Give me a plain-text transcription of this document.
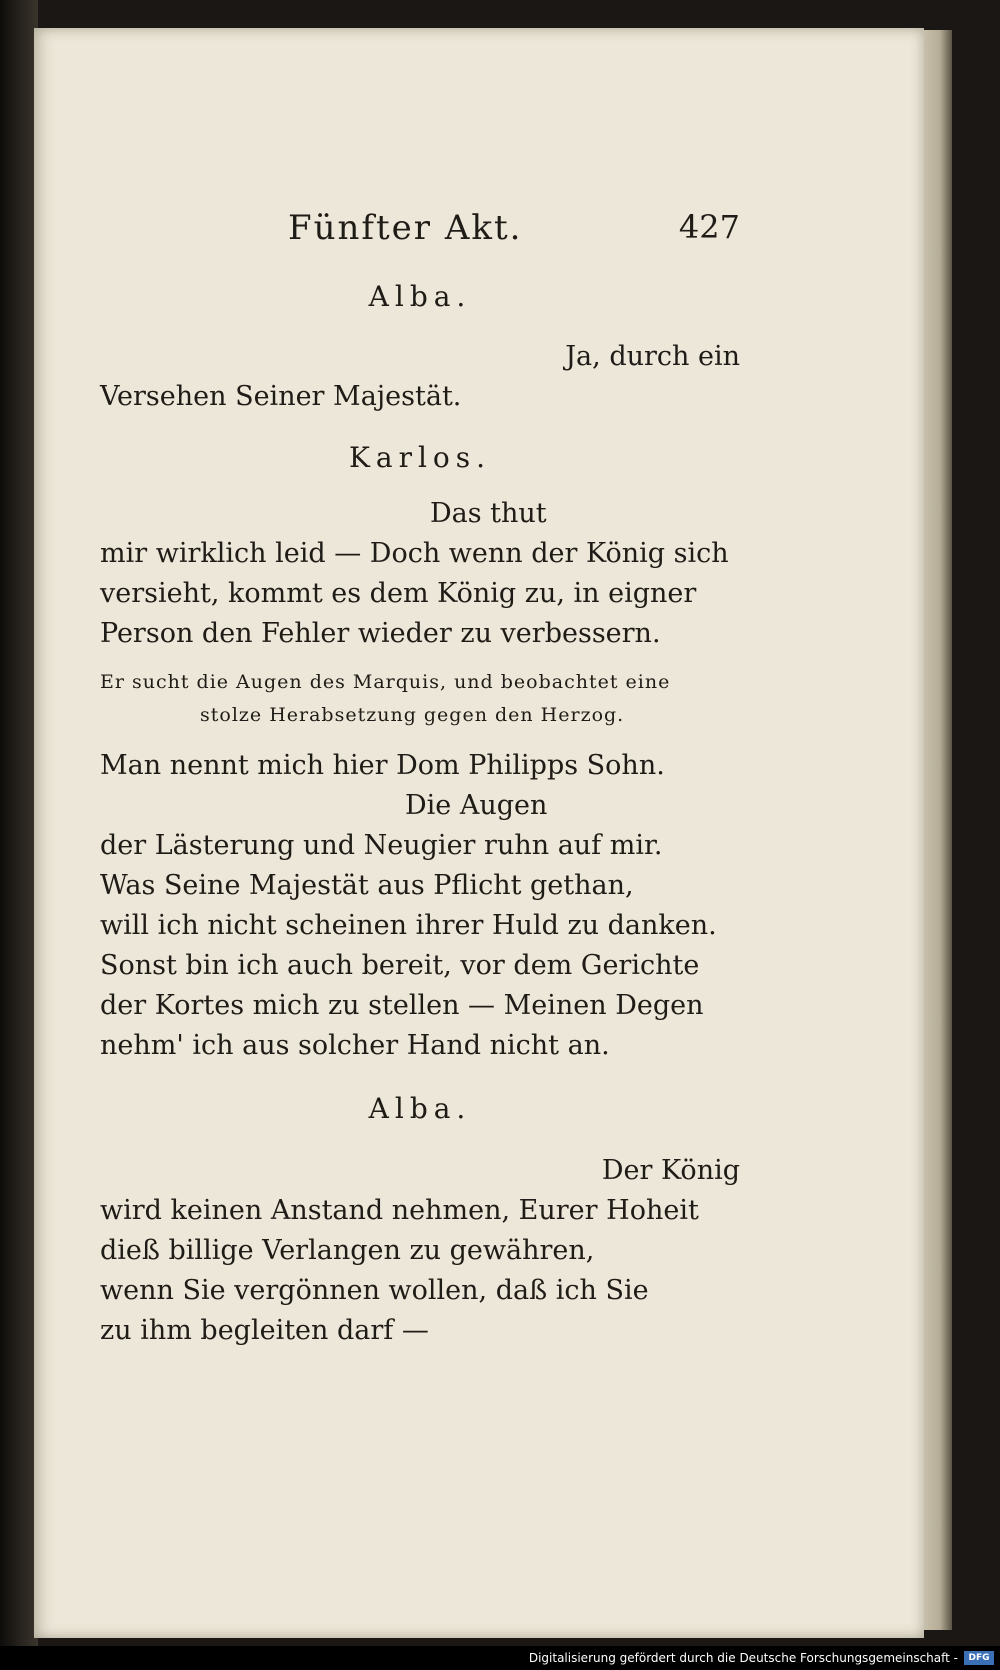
Fünfter Akt.	427
Alba.
Ja, durch ein
Versehen Seiner Majestät.
Karlos.
Das thut
mir wirklich leid — Doch wenn der König sich
versieht, kommt es dem König zu, in eigner
Person den Fehler wieder zu verbessern.
Er sucht die Augen des Marquis, und beobachtet eine
stolze Herabsetzung gegen den Herzog.
Man nennt mich hier Dom Philipps Sohn.
Die Augen
der Lästerung und Neugier ruhn auf mir.
Was Seine Majestät aus Pflicht gethan,
will ich nicht scheinen ihrer Huld zu danken.
Sonst bin ich auch bereit, vor dem Gerichte
der Kortes mich zu stellen — Meinen Degen
nehm' ich aus solcher Hand nicht an.
Alba.
Der König
wird keinen Anstand nehmen, Eurer Hoheit
dieß billige Verlangen zu gewähren,
wenn Sie vergönnen wollen, daß ich Sie
zu ihm begleiten darf —
Digitalisierung gefördert durch die Deutsche Forschungsgemeinschaft -	DFG
